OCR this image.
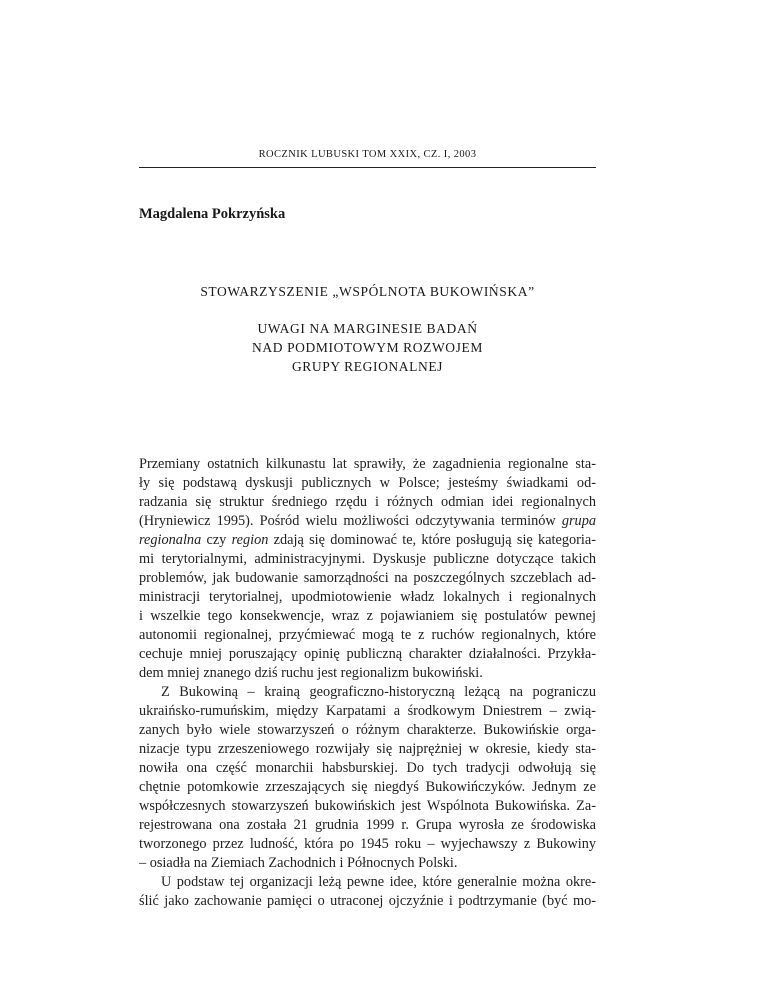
ROCZNIK LUBUSKI TOM XXIX, CZ. I, 2003
Magdalena Pokrzyńska
STOWARZYSZENIE „WSPÓLNOTA BUKOWIŃSKA”
UWAGI NA MARGINESIE BADAŃ
NAD PODMIOTOWYM ROZWOJEM
GRUPY REGIONALNEJ
Przemiany ostatnich kilkunastu lat sprawiły, że zagadnienia regionalne sta-
ły się podstawą dyskusji publicznych w Polsce; jesteśmy świadkami od-
radzania się struktur średniego rzędu i różnych odmian idei regionalnych
(Hryniewicz 1995). Pośród wielu możliwości odczytywania terminów grupa
regionalna czy region zdają się dominować te, które posługują się kategoria-
mi terytorialnymi, administracyjnymi. Dyskusje publiczne dotyczące takich
problemów, jak budowanie samorządności na poszczególnych szczeblach ad-
ministracji terytorialnej, upodmiotowienie władz lokalnych i regionalnych
i wszelkie tego konsekwencje, wraz z pojawianiem się postulatów pewnej
autonomii regionalnej, przyćmiewać mogą te z ruchów regionalnych, które
cechuje mniej poruszający opinię publiczną charakter działalności. Przykła-
dem mniej znanego dziś ruchu jest regionalizm bukowiński.
Z Bukowiną – krainą geograficzno-historyczną leżącą na pograniczu
ukraińsko-rumuńskim, między Karpatami a środkowym Dniestrem – zwią-
zanych było wiele stowarzyszeń o różnym charakterze. Bukowińskie orga-
nizacje typu zrzeszeniowego rozwijały się najprężniej w okresie, kiedy sta-
nowiła ona część monarchii habsburskiej. Do tych tradycji odwołują się
chętnie potomkowie zrzeszających się niegdyś Bukowińczyków. Jednym ze
współczesnych stowarzyszeń bukowińskich jest Wspólnota Bukowińska. Za-
rejestrowana ona została 21 grudnia 1999 r. Grupa wyrosła ze środowiska
tworzonego przez ludność, która po 1945 roku – wyjechawszy z Bukowiny
– osiadła na Ziemiach Zachodnich i Północnych Polski.
U podstaw tej organizacji leżą pewne idee, które generalnie można okre-
ślić jako zachowanie pamięci o utraconej ojczyźnie i podtrzymanie (być mo-
